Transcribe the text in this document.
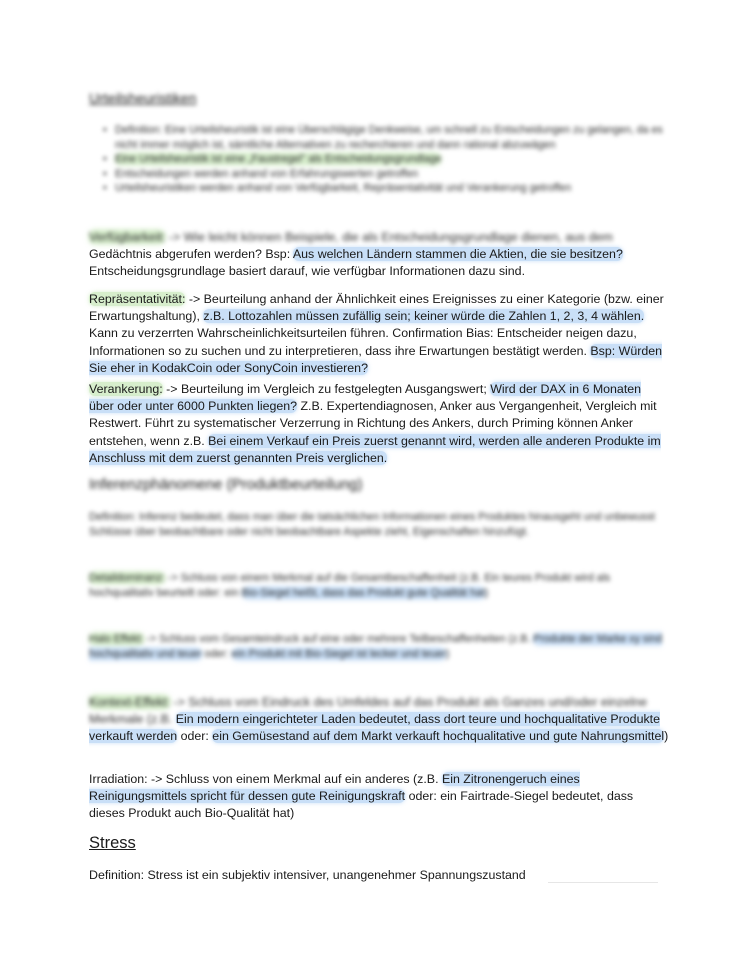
Urteilsheuristiken
• Definition: Eine Urteilsheuristik ist eine Überschlägige Denkweise, um schnell zu Entscheidungen zu gelangen, da es nicht immer möglich ist, sämtliche Alternativen zu recherchieren und dann rational abzuwägen
• Eine Urteilsheuristik ist eine „Faustregel" als Entscheidungsgrundlage
• Entscheidungen werden anhand von Erfahrungswerten getroffen
• Urteilsheuristiken werden anhand von Verfügbarkeit, Repräsentativität und Verankerung getroffen

Verfügbarkeit: -> Wie leicht können Beispiele, die als Entscheidungsgrundlage dienen, aus dem

Gedächtnis abgerufen werden? Bsp: Aus welchen Ländern stammen die Aktien, die sie besitzen?

Entscheidungsgrundlage basiert darauf, wie verfügbar Informationen dazu sind.

Repräsentativität: -> Beurteilung anhand der Ähnlichkeit eines Ereignisses zu einer Kategorie (bzw. einer Erwartungshaltung), z.B. Lottozahlen müssen zufällig sein; keiner würde die Zahlen 1, 2, 3, 4 wählen. Kann zu verzerrten Wahrscheinlichkeitsurteilen führen. Confirmation Bias: Entscheider neigen dazu, Informationen so zu suchen und zu interpretieren, dass ihre Erwartungen bestätigt werden. Bsp: Würden Sie eher in KodakCoin oder SonyCoin investieren?

Verankerung: -> Beurteilung im Vergleich zu festgelegten Ausgangswert; Wird der DAX in 6 Monaten über oder unter 6000 Punkten liegen? Z.B. Expertendiagnosen, Anker aus Vergangenheit, Vergleich mit Restwert. Führt zu systematischer Verzerrung in Richtung des Ankers, durch Priming können Anker entstehen, wenn z.B. Bei einem Verkauf ein Preis zuerst genannt wird, werden alle anderen Produkte im Anschluss mit dem zuerst genannten Preis verglichen.

Inferenzphänomene (Produktbeurteilung)
Definition: Inferenz bedeutet, dass man über die tatsächlichen Informationen eines Produktes hinausgeht und unbewusst Schlüsse über beobachtbare oder nicht beobachtbare Aspekte zieht, Eigenschaften hinzufügt.

Detaildominanz: -> Schluss von einem Merkmal auf die Gesamtbeschaffenheit (z.B. Ein teures Produkt wird als hochqualitativ beurteilt oder: ein Bio-Siegel heißt, dass das Produkt gute Qualität hat)

Halo Effekt: -> Schluss vom Gesamteindruck auf eine oder mehrere Teilbeschaffenheiten (z.B. Produkte der Marke xy sind hochqualitativ und teuer oder: ein Produkt mit Bio-Siegel ist lecker und teuer)

Kontext-Effekt: -> Schluss vom Eindruck des Umfeldes auf das Produkt als Ganzes und/oder einzelne Merkmale (z.B. Ein modern eingerichteter Laden bedeutet, dass dort teure und hochqualitative Produkte verkauft werden oder: ein Gemüsestand auf dem Markt verkauft hochqualitative und gute Nahrungsmittel)

Irradiation: -> Schluss von einem Merkmal auf ein anderes (z.B. Ein Zitronengeruch eines Reinigungsmittels spricht für dessen gute Reinigungskraft oder: ein Fairtrade-Siegel bedeutet, dass dieses Produkt auch Bio-Qualität hat)

Stress
Definition: Stress ist ein subjektiv intensiver, unangenehmer Spannungszustand
